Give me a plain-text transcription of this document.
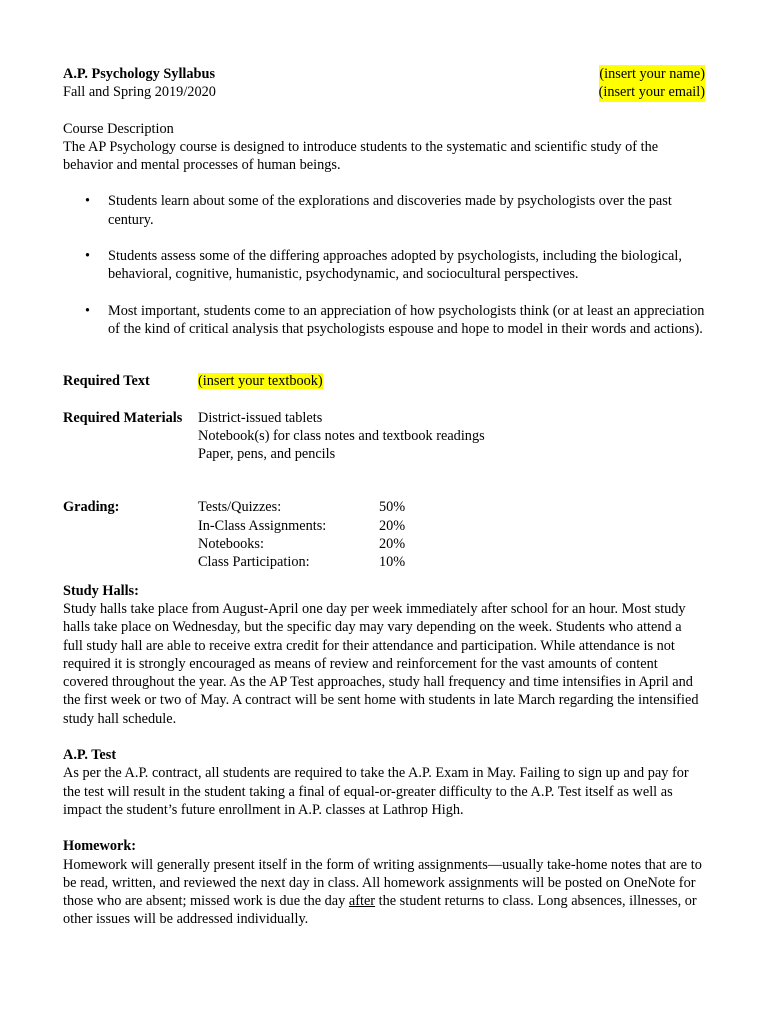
A.P. Psychology Syllabus	(insert your name)
Fall and Spring 2019/2020	(insert your email)

Course Description

The AP Psychology course is designed to introduce students to the systematic and scientific study of the behavior and mental processes of human beings.

• Students learn about some of the explorations and discoveries made by psychologists over the past century.
• Students assess some of the differing approaches adopted by psychologists, including the biological, behavioral, cognitive, humanistic, psychodynamic, and sociocultural perspectives.
• Most important, students come to an appreciation of how psychologists think (or at least an appreciation of the kind of critical analysis that psychologists espouse and hope to model in their words and actions).
Required Text	(insert your textbook)
Required Materials	District-issued tablets
Notebook(s) for class notes and textbook readings
Paper, pens, and pencils
Grading:	Tests/Quizzes:	50%
In-Class Assignments:	20%
Notebooks:	20%
Class Participation:	10%

Study Halls:

Study halls take place from August-April one day per week immediately after school for an hour. Most study halls take place on Wednesday, but the specific day may vary depending on the week. Students who attend a full study hall are able to receive extra credit for their attendance and participation. While attendance is not required it is strongly encouraged as means of review and reinforcement for the vast amounts of content covered throughout the year. As the AP Test approaches, study hall frequency and time intensifies in April and the first week or two of May. A contract will be sent home with students in late March regarding the intensified study hall schedule.

A.P. Test

As per the A.P. contract, all students are required to take the A.P. Exam in May. Failing to sign up and pay for the test will result in the student taking a final of equal-or-greater difficulty to the A.P. Test itself as well as impact the student’s future enrollment in A.P. classes at Lathrop High.

Homework:

Homework will generally present itself in the form of writing assignments—usually take-home notes that are to be read, written, and reviewed the next day in class. All homework assignments will be posted on OneNote for those who are absent; missed work is due the day after the student returns to class. Long absences, illnesses, or other issues will be addressed individually.
